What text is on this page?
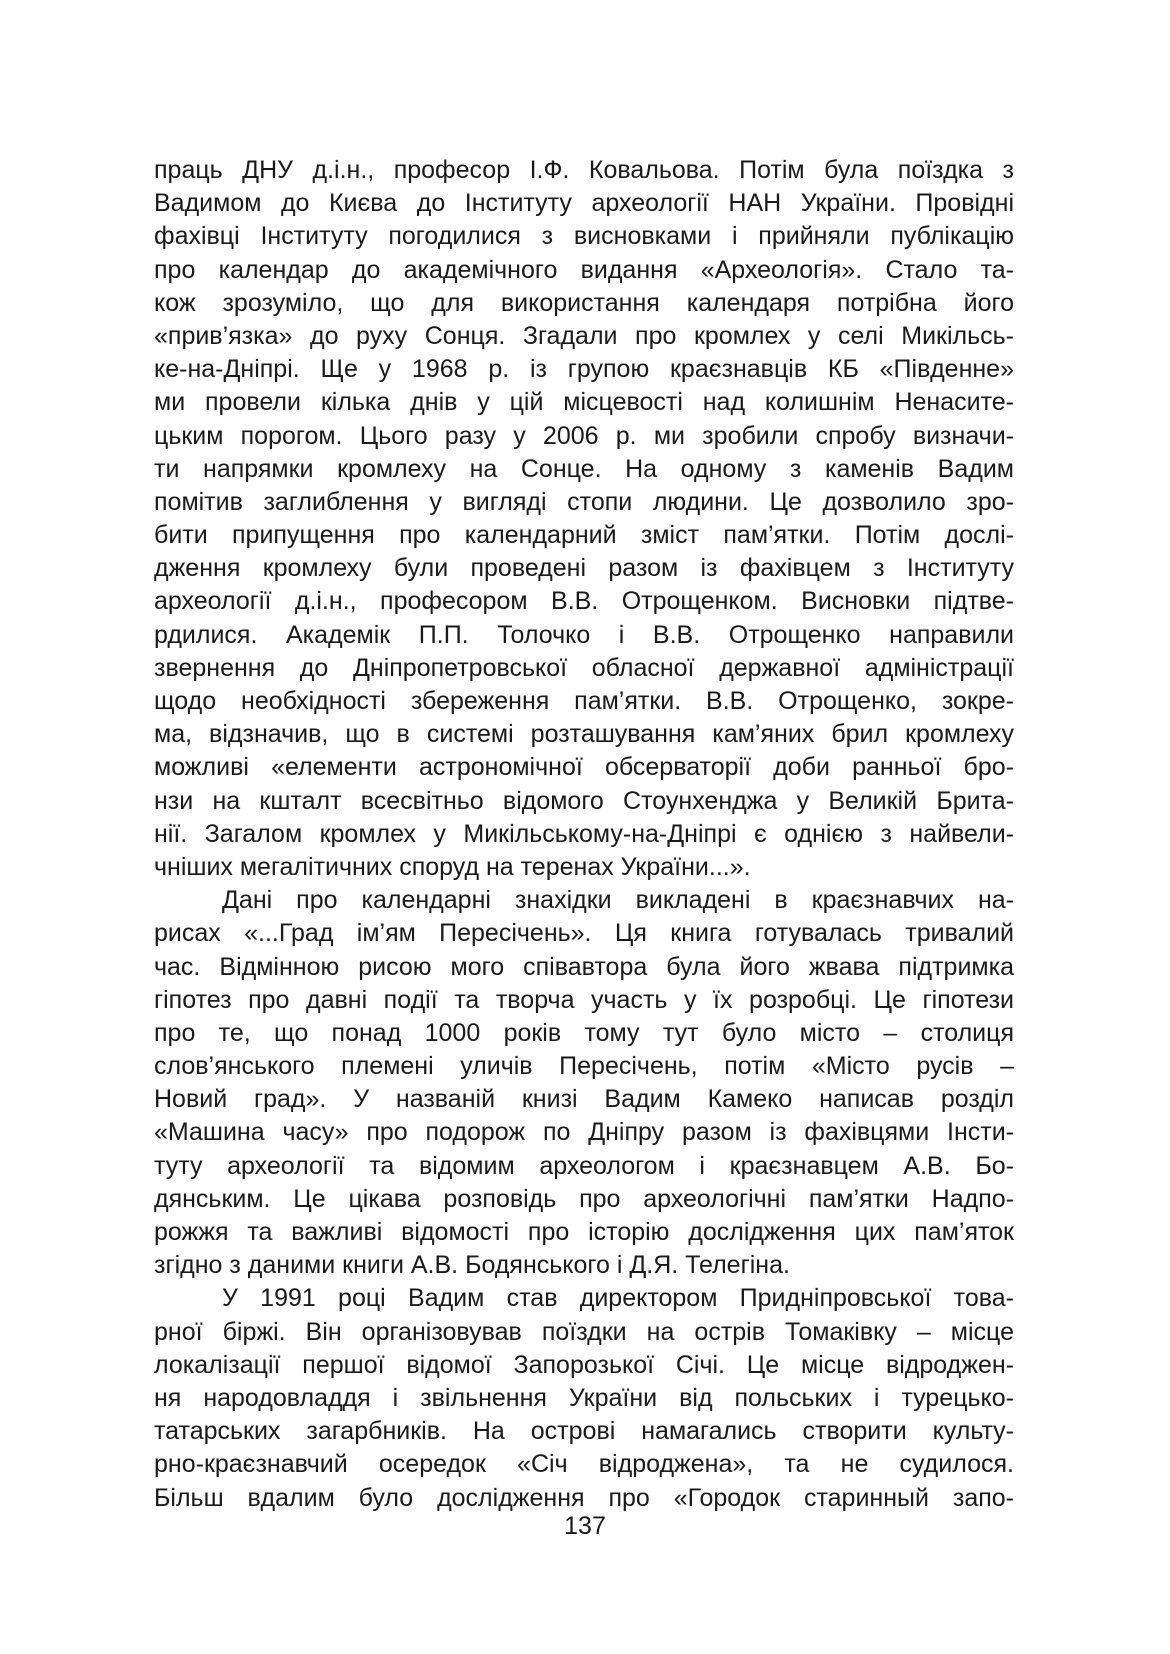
праць ДНУ д.і.н., професор І.Ф. Ковальова. Потім була поїздка з
Вадимом до Києва до Інституту археології НАН України. Провідні
фахівці Інституту погодилися з висновками і прийняли публікацію
про календар до академічного видання «Археологія». Стало та-
кож зрозуміло, що для використання календаря потрібна його
«прив’язка» до руху Сонця. Згадали про кромлех у селі Микільсь-
ке-на-Дніпрі. Ще у 1968 р. із групою краєзнавців КБ «Південне»
ми провели кілька днів у цій місцевості над колишнім Ненасите-
цьким порогом. Цього разу у 2006 р. ми зробили спробу визначи-
ти напрямки кромлеху на Сонце. На одному з каменів Вадим
помітив заглиблення у вигляді стопи людини. Це дозволило зро-
бити припущення про календарний зміст пам’ятки. Потім дослі-
дження кромлеху були проведені разом із фахівцем з Інституту
археології д.і.н., професором В.В. Отрощенком. Висновки підтве-
рдилися. Академік П.П. Толочко і В.В. Отрощенко направили
звернення до Дніпропетровської обласної державної адміністрації
щодо необхідності збереження пам’ятки. В.В. Отрощенко, зокре-
ма, відзначив, що в системі розташування кам’яних брил кромлеху
можливі «елементи астрономічної обсерваторії доби ранньої бро-
нзи на кшталт всесвітньо відомого Стоунхенджа у Великій Брита-
нії. Загалом кромлех у Микільському-на-Дніпрі є однією з найвели-
чніших мегалітичних споруд на теренах України...».
Дані про календарні знахідки викладені в краєзнавчих на-
рисах «...Град ім’ям Пересічень». Ця книга готувалась тривалий
час. Відмінною рисою мого співавтора була його жвава підтримка
гіпотез про давні події та творча участь у їх розробці. Це гіпотези
про те, що понад 1000 років тому тут було місто – столиця
слов’янського племені уличів Пересічень, потім «Місто русів –
Новий град». У названій книзі Вадим Камеко написав розділ
«Машина часу» про подорож по Дніпру разом із фахівцями Інсти-
туту археології та відомим археологом і краєзнавцем А.В. Бо-
дянським. Це цікава розповідь про археологічні пам’ятки Надпо-
рожжя та важливі відомості про історію дослідження цих пам’яток
згідно з даними книги А.В. Бодянського і Д.Я. Телегіна.
У 1991 році Вадим став директором Придніпровської това-
рної біржі. Він організовував поїздки на острів Томаківку – місце
локалізації першої відомої Запорозької Січі. Це місце відроджен-
ня народовладдя і звільнення України від польських і турецько-
татарських загарбників. На острові намагались створити культу-
рно-краєзнавчий осередок «Січ відроджена», та не судилося.
Більш вдалим було дослідження про «Городок старинный запо-
137
